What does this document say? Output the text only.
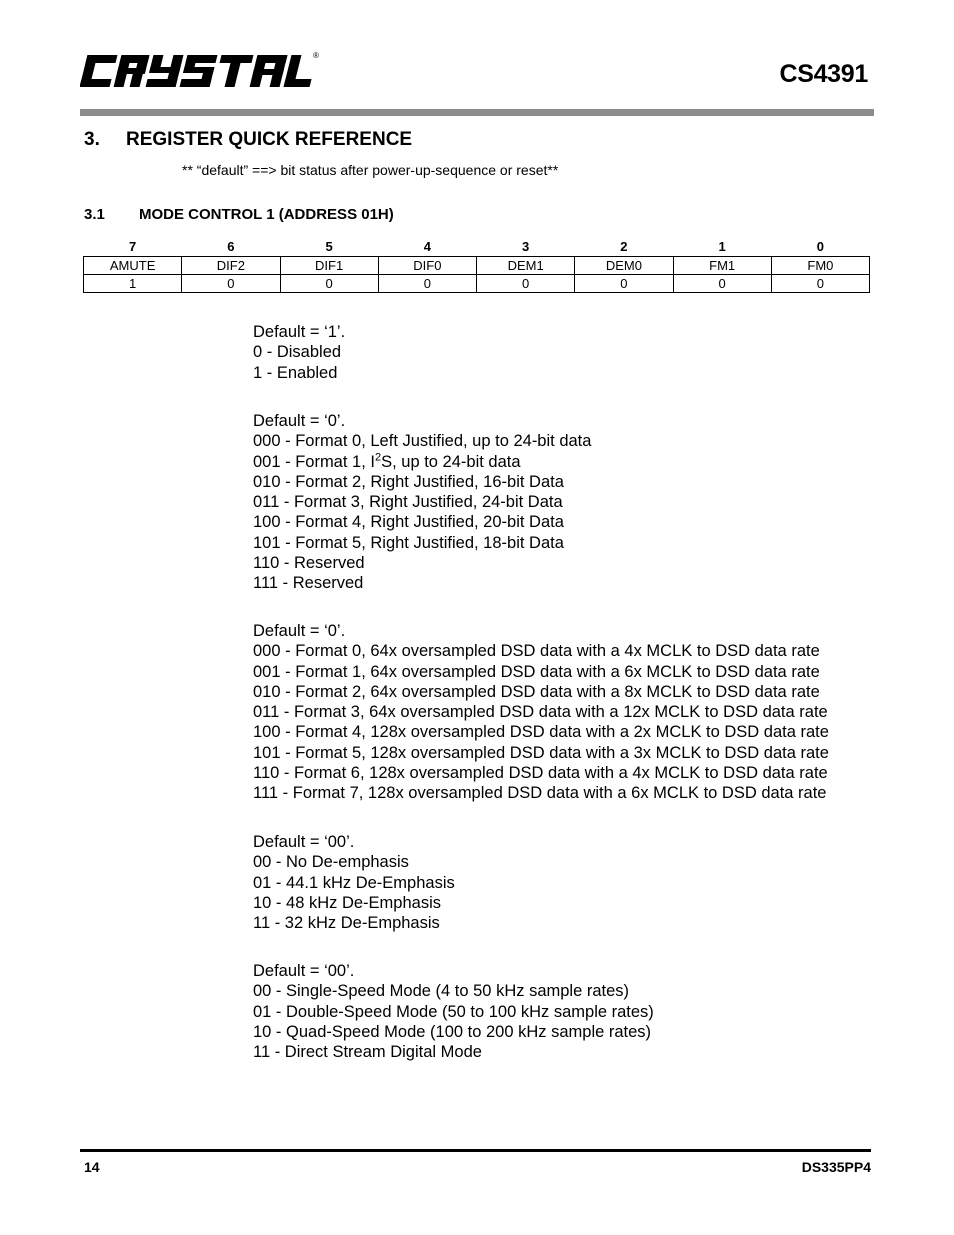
®
CS4391
3. REGISTER QUICK REFERENCE
** “default” ==> bit status after power-up-sequence or reset**
3.1 MODE CONTROL 1 (ADDRESS 01H)
7	6	5	4	3	2	1	0
AMUTE	DIF2	DIF1	DIF0	DEM1	DEM0	FM1	FM0
1	0	0	0	0	0	0	0
Default = ‘1’.
0 - Disabled
1 - Enabled
Default = ‘0’.
000 - Format 0, Left Justified, up to 24-bit data
001 - Format 1, $I^2S$, up to 24-bit data
010 - Format 2, Right Justified, 16-bit Data
011 - Format 3, Right Justified, 24-bit Data
100 - Format 4, Right Justified, 20-bit Data
101 - Format 5, Right Justified, 18-bit Data
110 - Reserved
111 - Reserved
Default = ‘0’.
000 - Format 0, 64x oversampled DSD data with a 4x MCLK to DSD data rate
001 - Format 1, 64x oversampled DSD data with a 6x MCLK to DSD data rate
010 - Format 2, 64x oversampled DSD data with a 8x MCLK to DSD data rate
011 - Format 3, 64x oversampled DSD data with a 12x MCLK to DSD data rate
100 - Format 4, 128x oversampled DSD data with a 2x MCLK to DSD data rate
101 - Format 5, 128x oversampled DSD data with a 3x MCLK to DSD data rate
110 - Format 6, 128x oversampled DSD data with a 4x MCLK to DSD data rate
111 - Format 7, 128x oversampled DSD data with a 6x MCLK to DSD data rate
Default = ‘00’.
00 - No De-emphasis
01 - 44.1 kHz De-Emphasis
10 - 48 kHz De-Emphasis
11 - 32 kHz De-Emphasis
Default = ‘00’.
00 - Single-Speed Mode (4 to 50 kHz sample rates)
01 - Double-Speed Mode (50 to 100 kHz sample rates)
10 - Quad-Speed Mode (100 to 200 kHz sample rates)
11 - Direct Stream Digital Mode
14	DS335PP4
